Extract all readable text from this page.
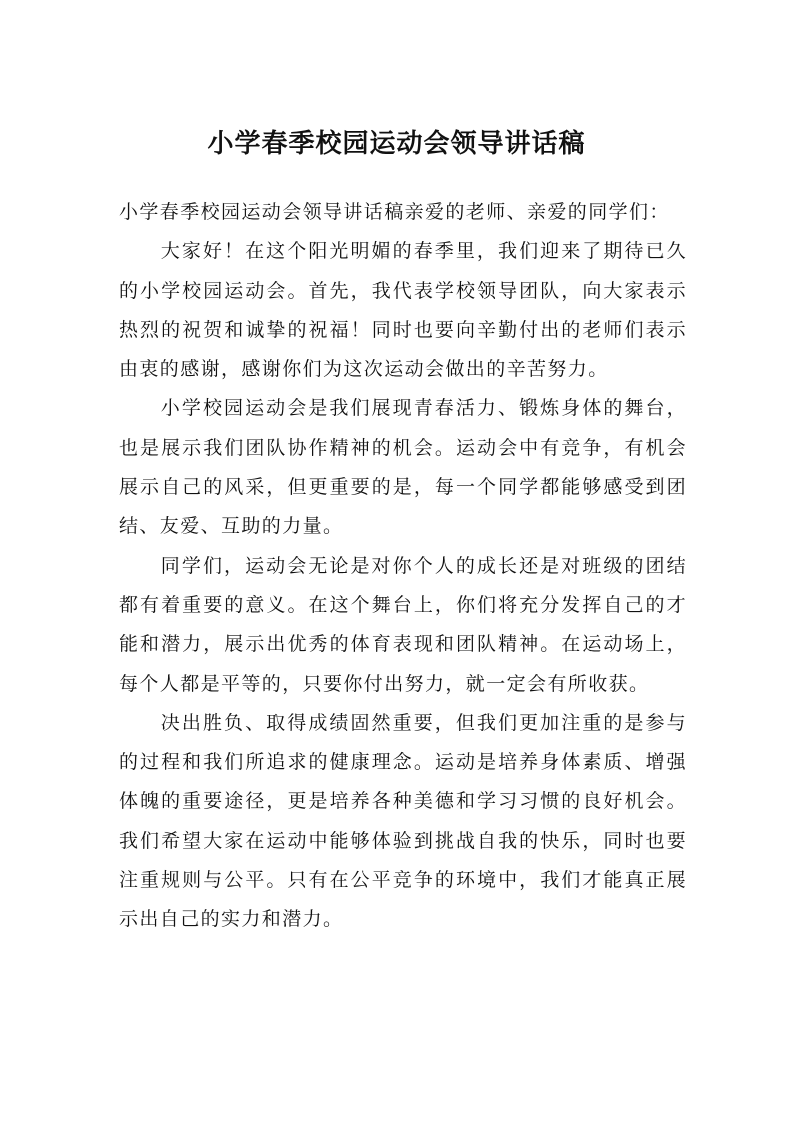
小学春季校园运动会领导讲话稿

小学春季校园运动会领导讲话稿亲爱的老师、亲爱的同学们：

大家好！在这个阳光明媚的春季里，我们迎来了期待已久的小学校园运动会。首先，我代表学校领导团队，向大家表示热烈的祝贺和诚挚的祝福！同时也要向辛勤付出的老师们表示由衷的感谢，感谢你们为这次运动会做出的辛苦努力。

小学校园运动会是我们展现青春活力、锻炼身体的舞台，也是展示我们团队协作精神的机会。运动会中有竞争，有机会展示自己的风采，但更重要的是，每一个同学都能够感受到团结、友爱、互助的力量。

同学们，运动会无论是对你个人的成长还是对班级的团结都有着重要的意义。在这个舞台上，你们将充分发挥自己的才能和潜力，展示出优秀的体育表现和团队精神。在运动场上，每个人都是平等的，只要你付出努力，就一定会有所收获。

决出胜负、取得成绩固然重要，但我们更加注重的是参与的过程和我们所追求的健康理念。运动是培养身体素质、增强体魄的重要途径，更是培养各种美德和学习习惯的良好机会。我们希望大家在运动中能够体验到挑战自我的快乐，同时也要注重规则与公平。只有在公平竞争的环境中，我们才能真正展示出自己的实力和潜力。
